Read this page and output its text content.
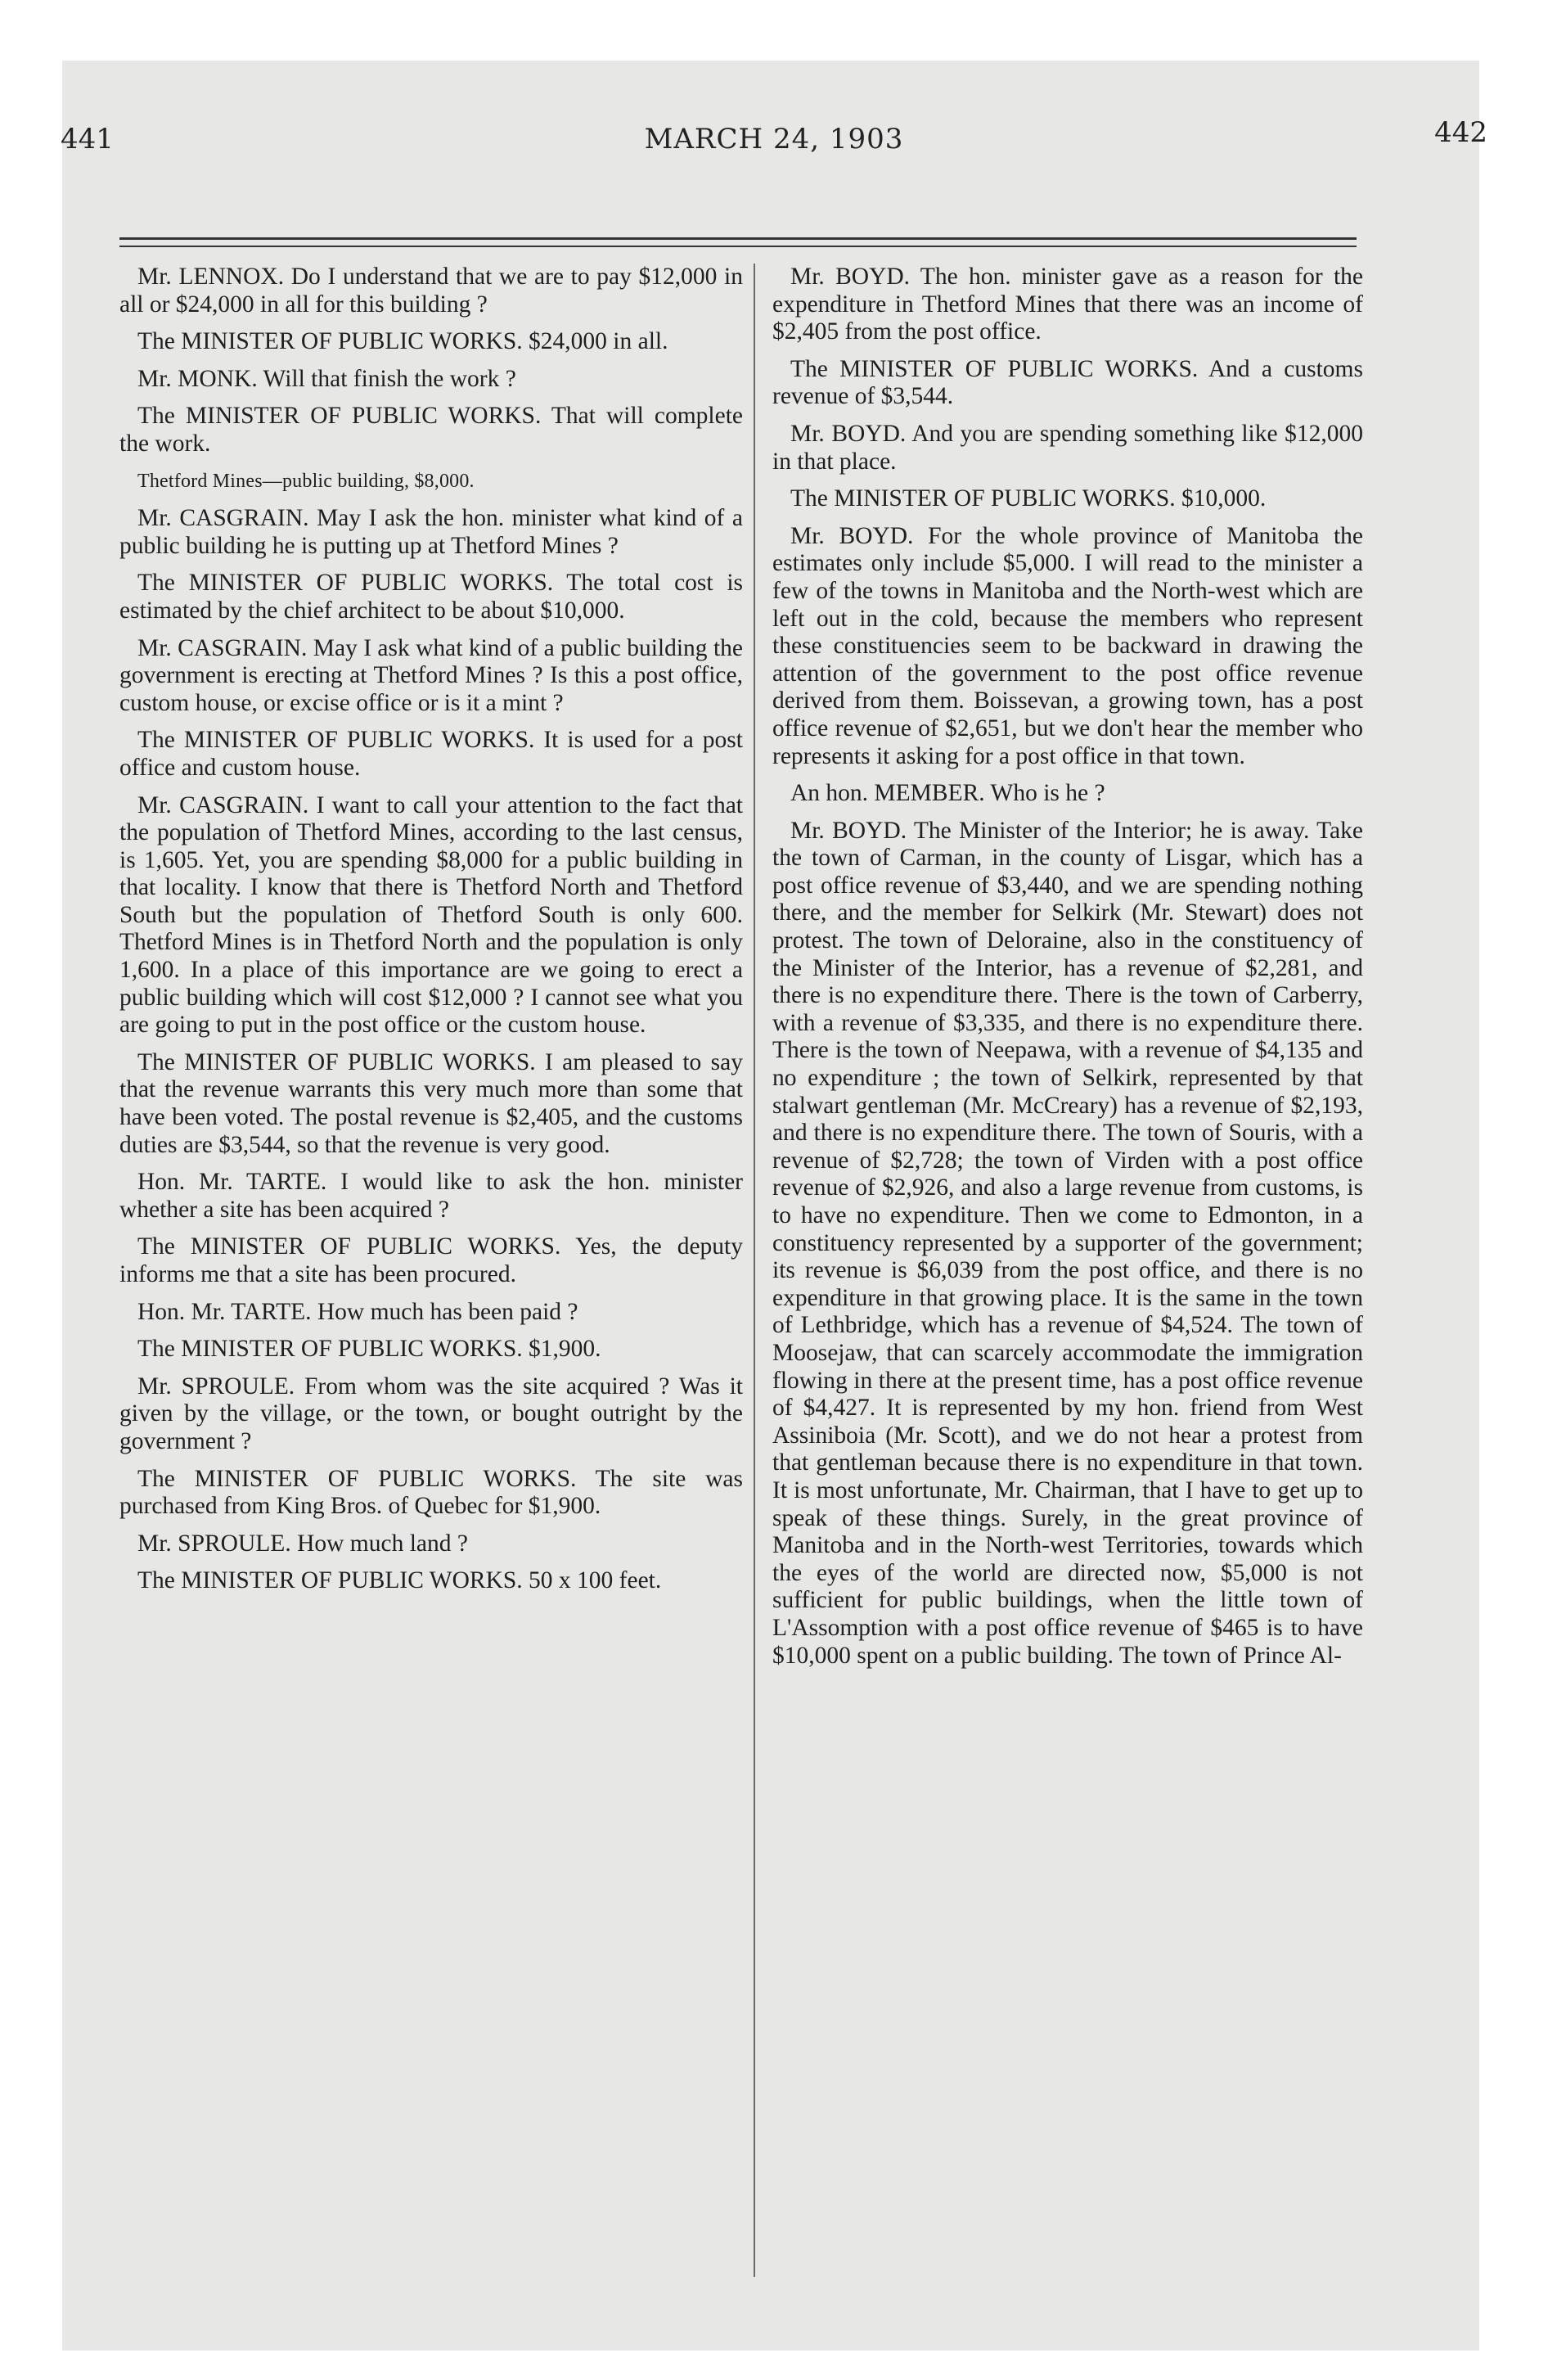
441	MARCH 24, 1903	442

Mr. LENNOX. Do I understand that we are to pay $12,000 in all or $24,000 in all for this building ?

The MINISTER OF PUBLIC WORKS. $24,000 in all.

Mr. MONK. Will that finish the work ?

The MINISTER OF PUBLIC WORKS. That will complete the work.

Thetford Mines—public building, $8,000.

Mr. CASGRAIN. May I ask the hon. minister what kind of a public building he is putting up at Thetford Mines ?

The MINISTER OF PUBLIC WORKS. The total cost is estimated by the chief architect to be about $10,000.

Mr. CASGRAIN. May I ask what kind of a public building the government is erecting at Thetford Mines ? Is this a post office, custom house, or excise office or is it a mint ?

The MINISTER OF PUBLIC WORKS. It is used for a post office and custom house.

Mr. CASGRAIN. I want to call your attention to the fact that the population of Thetford Mines, according to the last census, is 1,605. Yet, you are spending $8,000 for a public building in that locality. I know that there is Thetford North and Thetford South but the population of Thetford South is only 600. Thetford Mines is in Thetford North and the population is only 1,600. In a place of this importance are we going to erect a public building which will cost $12,000 ? I cannot see what you are going to put in the post office or the custom house.

The MINISTER OF PUBLIC WORKS. I am pleased to say that the revenue warrants this very much more than some that have been voted. The postal revenue is $2,405, and the customs duties are $3,544, so that the revenue is very good.

Hon. Mr. TARTE. I would like to ask the hon. minister whether a site has been acquired ?

The MINISTER OF PUBLIC WORKS. Yes, the deputy informs me that a site has been procured.

Hon. Mr. TARTE. How much has been paid ?

The MINISTER OF PUBLIC WORKS. $1,900.

Mr. SPROULE. From whom was the site acquired ? Was it given by the village, or the town, or bought outright by the government ?

The MINISTER OF PUBLIC WORKS. The site was purchased from King Bros. of Quebec for $1,900.

Mr. SPROULE. How much land ?

The MINISTER OF PUBLIC WORKS. 50 x 100 feet.

Mr. BOYD. The hon. minister gave as a reason for the expenditure in Thetford Mines that there was an income of $2,405 from the post office.

The MINISTER OF PUBLIC WORKS. And a customs revenue of $3,544.

Mr. BOYD. And you are spending something like $12,000 in that place.

The MINISTER OF PUBLIC WORKS. $10,000.

Mr. BOYD. For the whole province of Manitoba the estimates only include $5,000. I will read to the minister a few of the towns in Manitoba and the North-west which are left out in the cold, because the members who represent these constituencies seem to be backward in drawing the attention of the government to the post office revenue derived from them. Boissevan, a growing town, has a post office revenue of $2,651, but we don't hear the member who represents it asking for a post office in that town.

An hon. MEMBER. Who is he ?

Mr. BOYD. The Minister of the Interior; he is away. Take the town of Carman, in the county of Lisgar, which has a post office revenue of $3,440, and we are spending nothing there, and the member for Selkirk (Mr. Stewart) does not protest. The town of Deloraine, also in the constituency of the Minister of the Interior, has a revenue of $2,281, and there is no expenditure there. There is the town of Carberry, with a revenue of $3,335, and there is no expenditure there. There is the town of Neepawa, with a revenue of $4,135 and no expenditure ; the town of Selkirk, represented by that stalwart gentleman (Mr. McCreary) has a revenue of $2,193, and there is no expenditure there. The town of Souris, with a revenue of $2,728; the town of Virden with a post office revenue of $2,926, and also a large revenue from customs, is to have no expenditure. Then we come to Edmonton, in a constituency represented by a supporter of the government; its revenue is $6,039 from the post office, and there is no expenditure in that growing place. It is the same in the town of Lethbridge, which has a revenue of $4,524. The town of Moosejaw, that can scarcely accommodate the immigration flowing in there at the present time, has a post office revenue of $4,427. It is represented by my hon. friend from West Assiniboia (Mr. Scott), and we do not hear a protest from that gentleman because there is no expenditure in that town. It is most unfortunate, Mr. Chairman, that I have to get up to speak of these things. Surely, in the great province of Manitoba and in the North-west Territories, towards which the eyes of the world are directed now, $5,000 is not sufficient for public buildings, when the little town of L'Assomption with a post office revenue of $465 is to have $10,000 spent on a public building. The town of Prince Al-
